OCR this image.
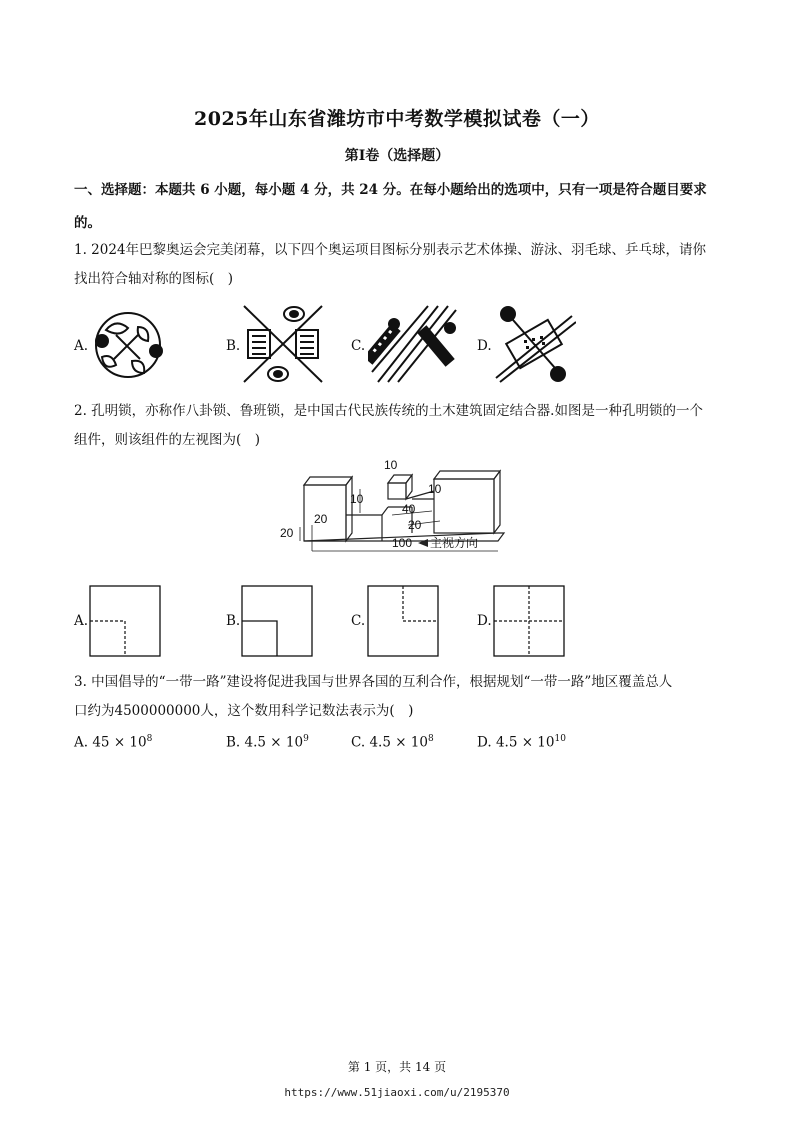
2025年山东省潍坊市中考数学模拟试卷（一）
第Ⅰ卷（选择题）
一、选择题：本题共 6 小题，每小题 4 分，共 24 分。在每小题给出的选项中，只有一项是符合题目要求
的。
1. 2024年巴黎奥运会完美闭幕，以下四个奥运项目图标分别表示艺术体操、游泳、羽毛球、乒乓球，请你
找出符合轴对称的图标(　)
A.	B.	C.	D.
2. 孔明锁，亦称作八卦锁、鲁班锁，是中国古代民族传统的土木建筑固定结合器.如图是一种孔明锁的一个
组件，则该组件的左视图为(　)
10
10
10
40
20
20
20
100 主视方向
A.	B.	C.	D.
3. 中国倡导的“一带一路”建设将促进我国与世界各国的互利合作，根据规划“一带一路”地区覆盖总人
口约为4500000000人，这个数用科学记数法表示为(　)
A. $45 \times 10^8$	B. $4.5 \times 10^9$	C. $4.5 \times 10^8$	D. $4.5 \times 10^{10}$
第 1 页，共 14 页
https://www.51jiaoxi.com/u/2195370
